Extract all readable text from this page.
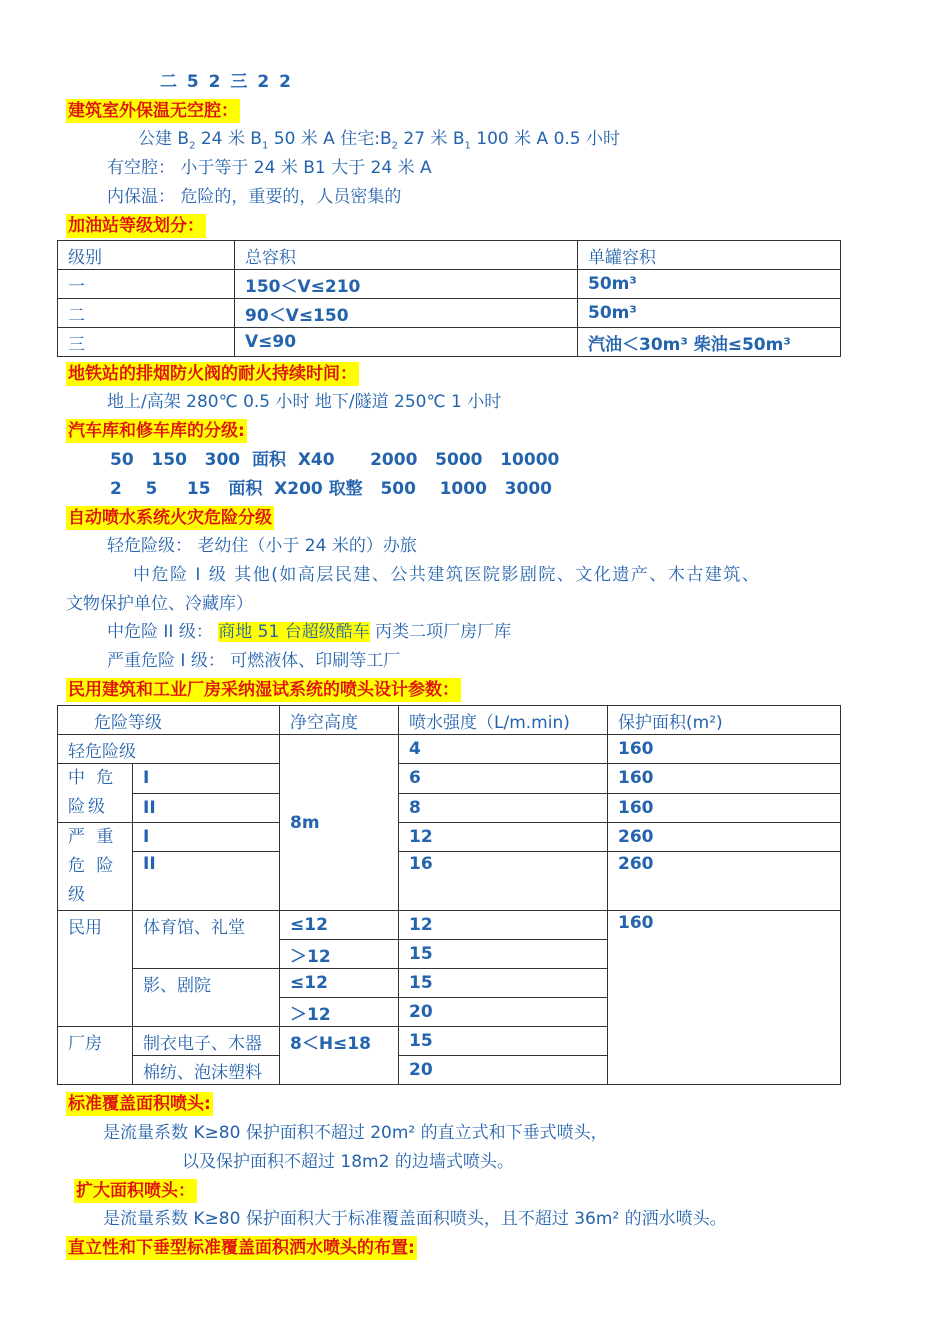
二 5 2 三 2 2
建筑室外保温无空腔：
公建 $B_2$ 24 米 $B_1$ 50 米 A 住宅$:B_2$ 27 米 $B_1$ 100 米 A 0.5 小时
有空腔： 小于等于 24 米 B1 大于 24 米 A
内保温： 危险的，重要的，人员密集的
加油站等级划分：
级别	总容积	单罐容积
一	150＜V≤210	50m³
二	90＜V≤150	50m³
三	V≤90	汽油＜30m³ 柴油≤50m³
地铁站的排烟防火阀的耐火持续时间：
地上/高架 280℃ 0.5 小时 地下/隧道 250℃ 1 小时
汽车库和修车库的分级:
50   150   300  面积  X40      2000   5000   10000
2    5     15   面积  X200 取整   500    1000   3000
自动喷水系统火灾危险分级
轻危险级： 老幼住（小于 24 米的）办旅
中危险 I 级 其他(如高层民建、公共建筑医院影剧院、文化遗产、木古建筑、
文物保护单位、冷藏库）
中危险 II 级： 商地 51 台超级酷车 丙类二项厂房厂库
严重危险 I 级： 可燃液体、印刷等工厂
民用建筑和工业厂房采纳湿试系统的喷头设计参数：
危险等级		净空高度	喷水强度（L/m.min)	保护面积(m²)
轻危险级		8m	4	160
中 危险级	I		6	160
	II		8	160
严 重危 险级	I		12	260
	II		16	260
民用	体育馆、礼堂	≤12	12	160
		＞12	15	
	影、剧院	≤12	15	
		＞12	20	
厂房	制衣电子、木器	8＜H≤18	15	
	棉纺、泡沫塑料		20	
标准覆盖面积喷头:
是流量系数 K≥80 保护面积不超过 20m² 的直立式和下垂式喷头，
以及保护面积不超过 18m2 的边墙式喷头。
扩大面积喷头：
是流量系数 K≥80 保护面积大于标准覆盖面积喷头，且不超过 36m² 的洒水喷头。
直立性和下垂型标准覆盖面积洒水喷头的布置:
